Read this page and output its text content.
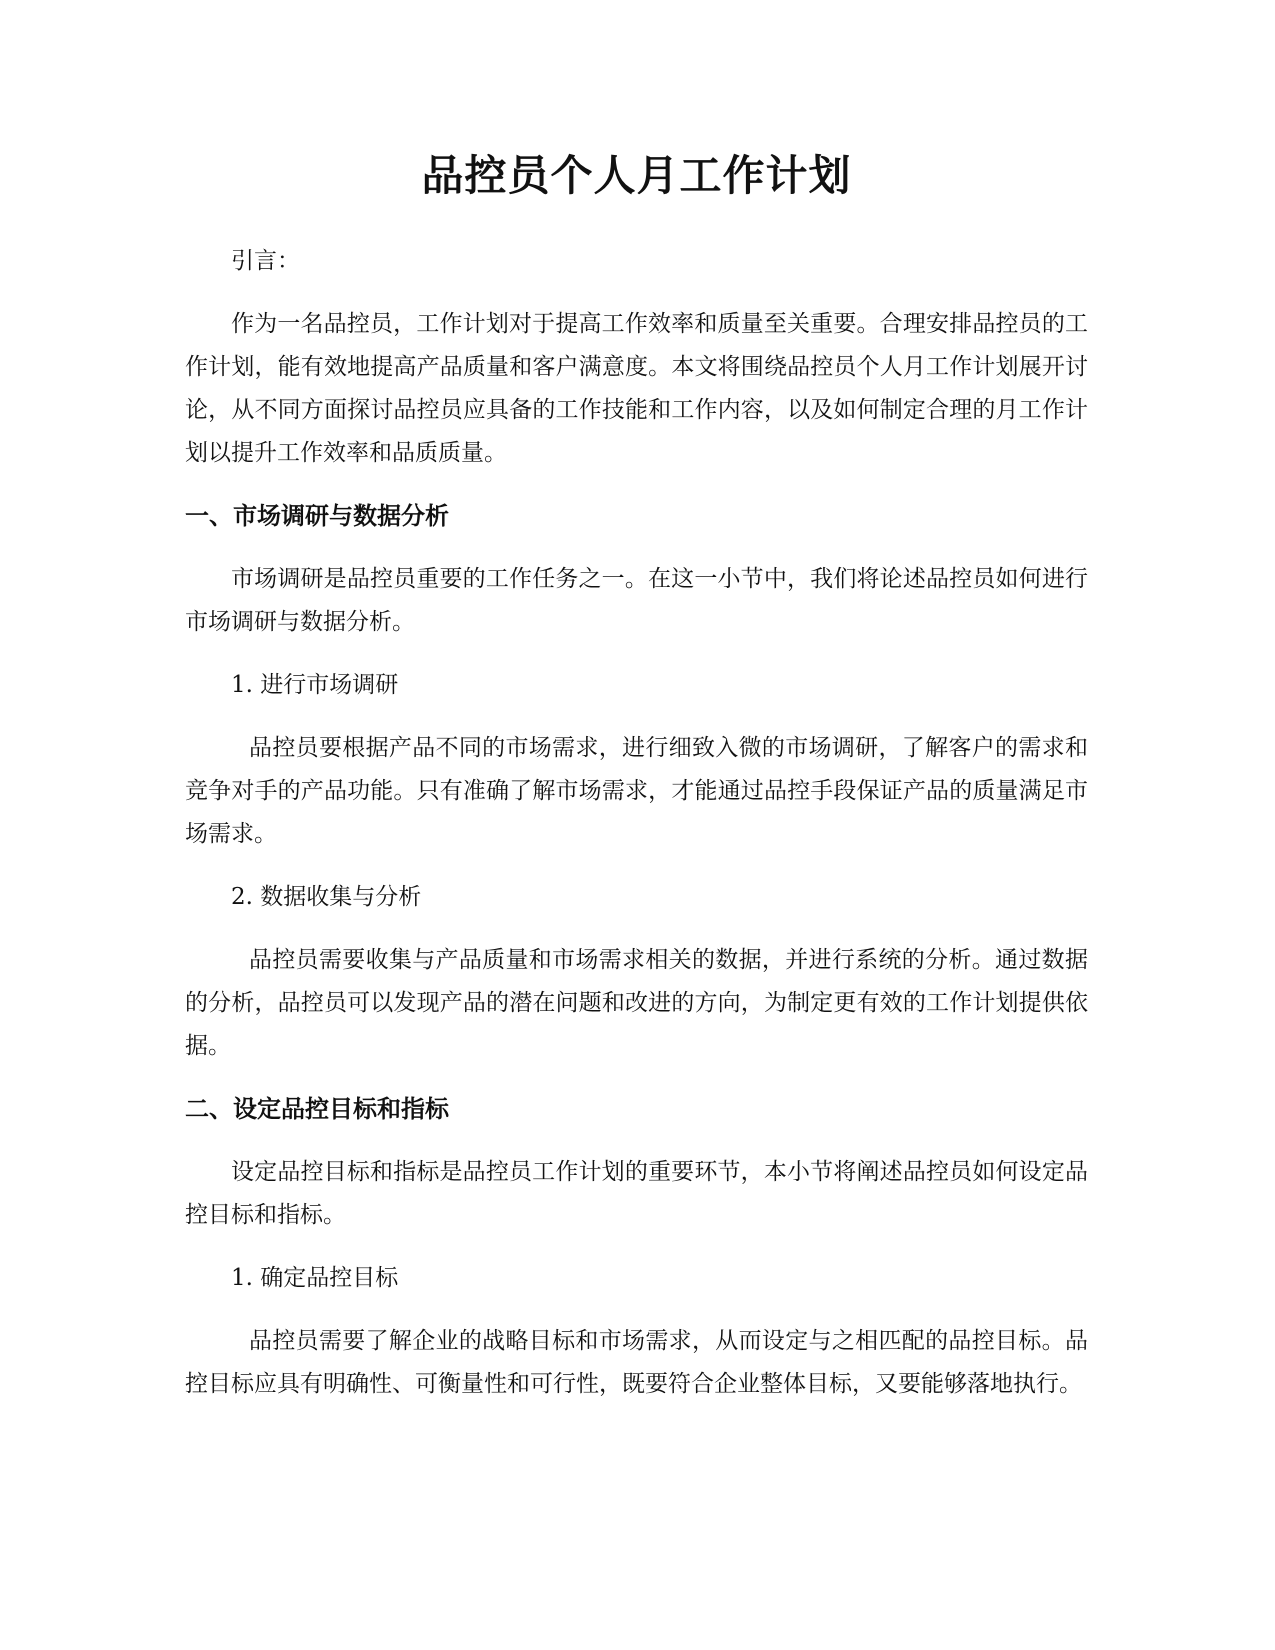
品控员个人月工作计划

引言：

作为一名品控员，工作计划对于提高工作效率和质量至关重要。合理安排品控员的工作计划，能有效地提高产品质量和客户满意度。本文将围绕品控员个人月工作计划展开讨论，从不同方面探讨品控员应具备的工作技能和工作内容，以及如何制定合理的月工作计划以提升工作效率和品质质量。

一、市场调研与数据分析

市场调研是品控员重要的工作任务之一。在这一小节中，我们将论述品控员如何进行市场调研与数据分析。

1. 进行市场调研

品控员要根据产品不同的市场需求，进行细致入微的市场调研，了解客户的需求和竞争对手的产品功能。只有准确了解市场需求，才能通过品控手段保证产品的质量满足市场需求。

2. 数据收集与分析

品控员需要收集与产品质量和市场需求相关的数据，并进行系统的分析。通过数据的分析，品控员可以发现产品的潜在问题和改进的方向，为制定更有效的工作计划提供依据。

二、设定品控目标和指标

设定品控目标和指标是品控员工作计划的重要环节，本小节将阐述品控员如何设定品控目标和指标。

1. 确定品控目标

品控员需要了解企业的战略目标和市场需求，从而设定与之相匹配的品控目标。品控目标应具有明确性、可衡量性和可行性，既要符合企业整体目标，又要能够落地执行。
